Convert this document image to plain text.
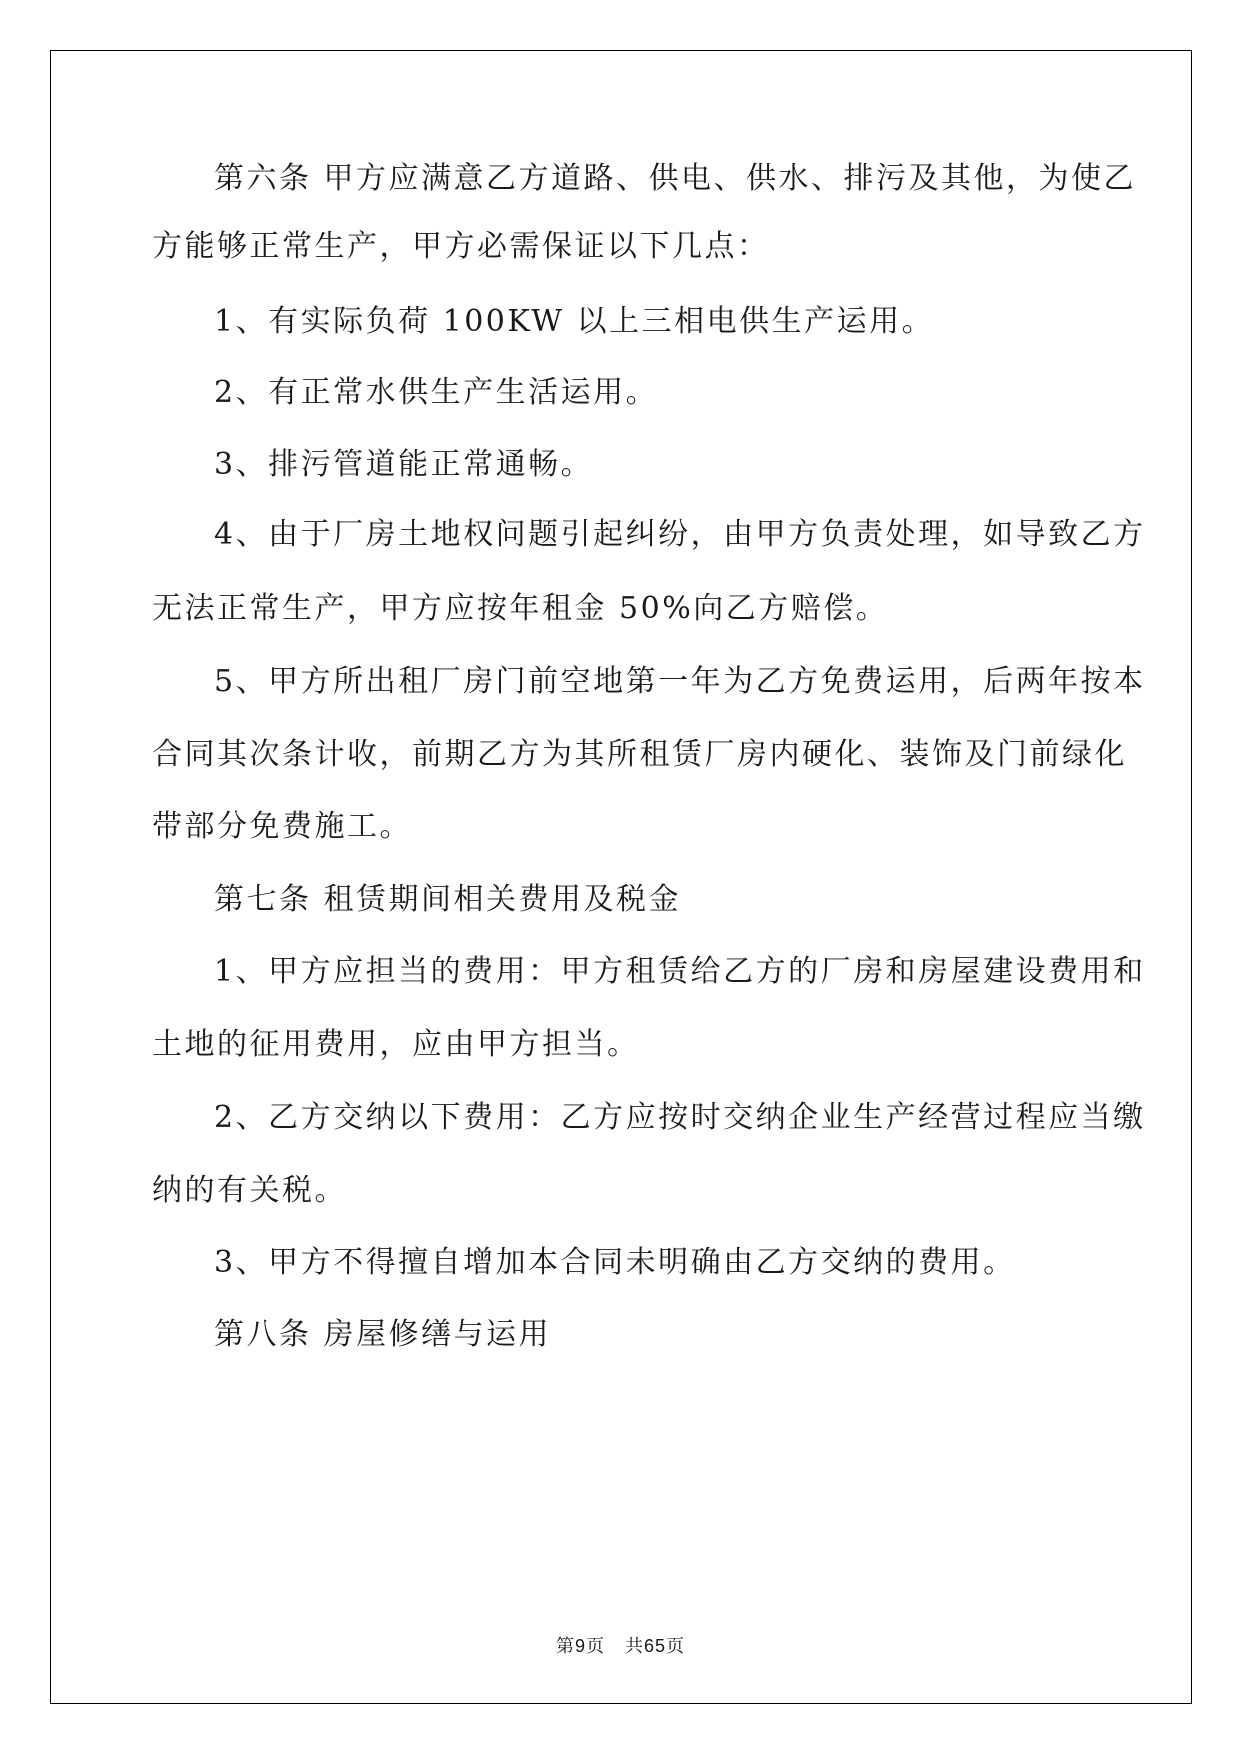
第六条 甲方应满意乙方道路、供电、供水、排污及其他，为使乙
方能够正常生产，甲方必需保证以下几点：
1、有实际负荷 100KW 以上三相电供生产运用。
2、有正常水供生产生活运用。
3、排污管道能正常通畅。
4、由于厂房土地权问题引起纠纷，由甲方负责处理，如导致乙方
无法正常生产，甲方应按年租金 50%向乙方赔偿。
5、甲方所出租厂房门前空地第一年为乙方免费运用，后两年按本
合同其次条计收，前期乙方为其所租赁厂房内硬化、装饰及门前绿化
带部分免费施工。
第七条 租赁期间相关费用及税金
1、甲方应担当的费用：甲方租赁给乙方的厂房和房屋建设费用和
土地的征用费用，应由甲方担当。
2、乙方交纳以下费用：乙方应按时交纳企业生产经营过程应当缴
纳的有关税。
3、甲方不得擅自增加本合同未明确由乙方交纳的费用。
第八条 房屋修缮与运用
第9页 共65页
